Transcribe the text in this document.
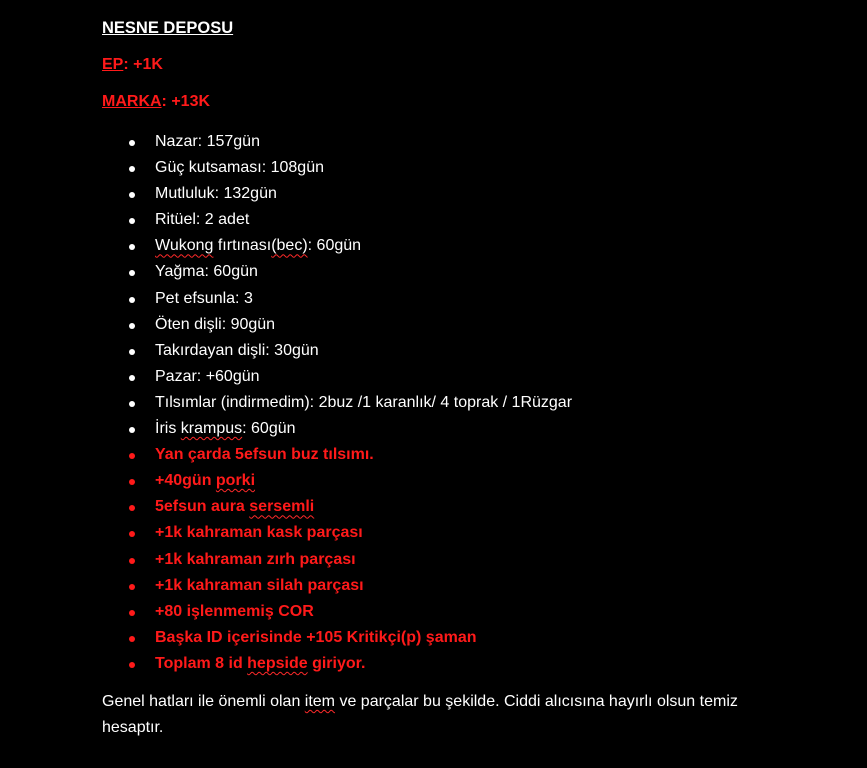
NESNE DEPOSU
EP: +1K
MARKA: +13K
Nazar: 157gün
Güç kutsaması: 108gün
Mutluluk: 132gün
Ritüel: 2 adet
Wukong fırtınası(bec): 60gün
Yağma: 60gün
Pet efsunla: 3
Öten dişli: 90gün
Takırdayan dişli: 30gün
Pazar: +60gün
Tılsımlar (indirmedim): 2buz /1 karanlık/ 4 toprak / 1Rüzgar
İris krampus: 60gün
Yan çarda 5efsun buz tılsımı.
+40gün porki
5efsun aura sersemli
+1k kahraman kask parçası
+1k kahraman zırh parçası
+1k kahraman silah parçası
+80 işlenmemiş COR
Başka ID içerisinde +105 Kritikçi(p) şaman
Toplam 8 id hepside giriyor.
Genel hatları ile önemli olan item ve parçalar bu şekilde. Ciddi alıcısına hayırlı olsun temiz hesaptır.
